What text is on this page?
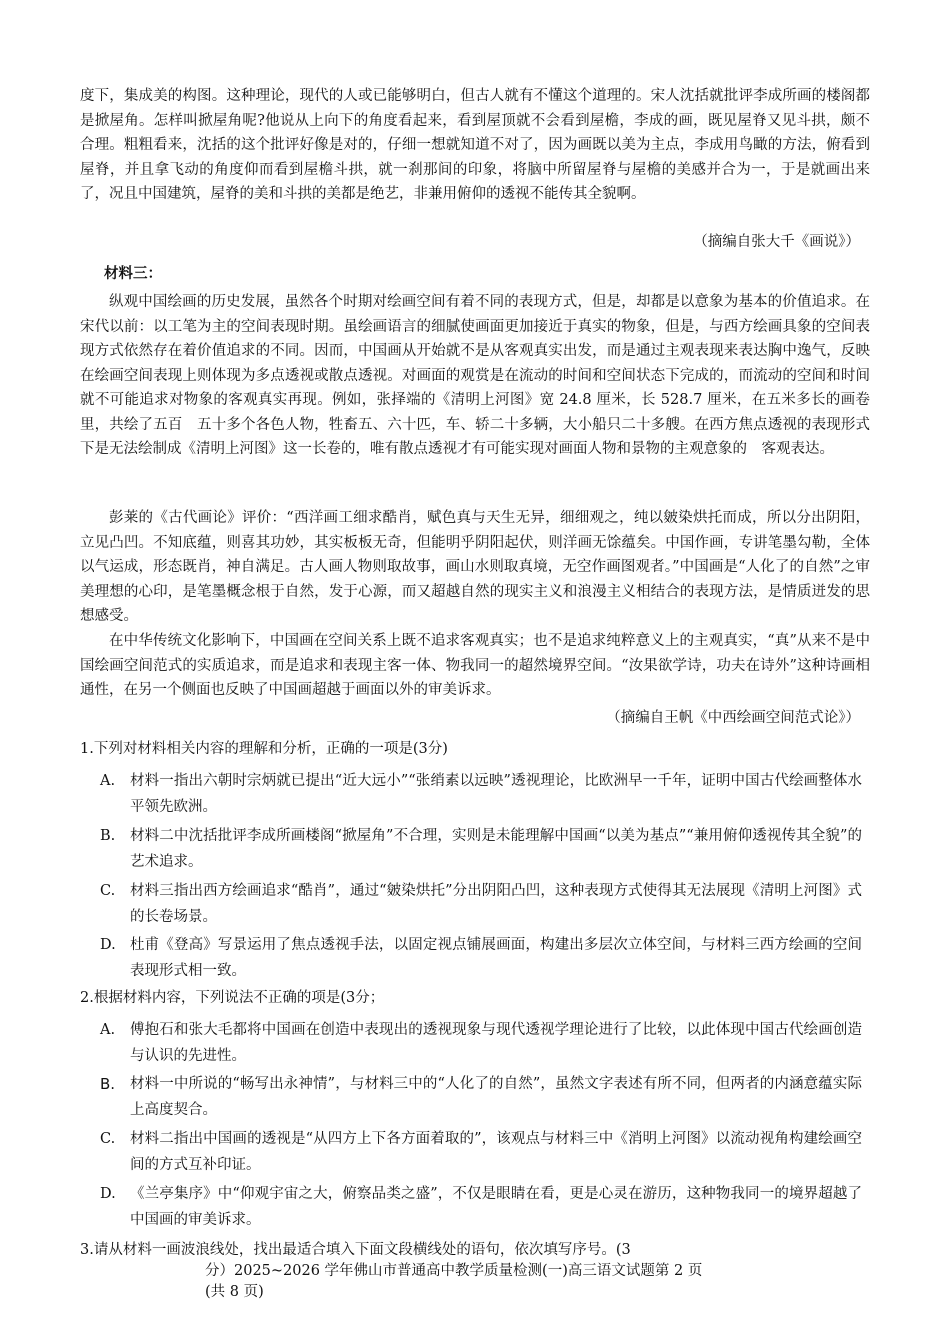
度下，集成美的构图。这种理论，现代的人或已能够明白，但古人就有不懂这个道理的。宋人沈括就批评李成所画的楼阁都是掀屋角。怎样叫掀屋角呢?他说从上向下的角度看起来，看到屋顶就不会看到屋檐，李成的画，既见屋脊又见斗拱，颇不合理。粗粗看来，沈括的这个批评好像是对的，仔细一想就知道不对了，因为画既以美为主点，李成用鸟瞰的方法，俯看到屋脊，并且拿飞动的角度仰而看到屋檐斗拱，就一刹那间的印象，将脑中所留屋脊与屋檐的美感并合为一，于是就画出来了，况且中国建筑，屋脊的美和斗拱的美都是绝艺，非兼用俯仰的透视不能传其全貌啊。

（摘编自张大千《画说》）

材料三：

纵观中国绘画的历史发展，虽然各个时期对绘画空间有着不同的表现方式，但是，却都是以意象为基本的价值追求。在宋代以前：以工笔为主的空间表现时期。虽绘画语言的细腻使画面更加接近于真实的物象，但是，与西方绘画具象的空间表现方式依然存在着价值追求的不同。因而，中国画从开始就不是从客观真实出发，而是通过主观表现来表达胸中逸气，反映在绘画空间表现上则体现为多点透视或散点透视。对画面的观赏是在流动的时间和空间状态下完成的，而流动的空间和时间就不可能追求对物象的客观真实再现。例如，张择端的《清明上河图》宽 24.8 厘米，长 528.7 厘米，在五米多长的画卷里，共绘了五百　五十多个各色人物，牲畜五、六十匹，车、轿二十多辆，大小船只二十多艘。在西方焦点透视的表现形式　下是无法绘制成《清明上河图》这一长卷的，唯有散点透视才有可能实现对画面人物和景物的主观意象的　客观表达。

彭莱的《古代画论》评价：“西洋画工细求酷肖，赋色真与天生无异，细细观之，纯以皴染烘托而成，所以分出阴阳，立见凸凹。不知底蕴，则喜其功妙，其实板板无奇，但能明乎阴阳起伏，则洋画无馀蕴矣。中国作画，专讲笔墨勾勒，全体以气运成，形态既肖，神自满足。古人画人物则取故事，画山水则取真境，无空作画图观者。”中国画是“人化了的自然”之审美理想的心印，是笔墨概念根于自然，发于心源，而又超越自然的现实主义和浪漫主义相结合的表现方法，是情质迸发的思想感受。

在中华传统文化影响下，中国画在空间关系上既不追求客观真实；也不是追求纯粹意义上的主观真实，“真”从来不是中国绘画空间范式的实质追求，而是追求和表现主客一体、物我同一的超然境界空间。“汝果欲学诗，功夫在诗外”这种诗画相通性，在另一个侧面也反映了中国画超越于画面以外的审美诉求。

（摘编自王帆《中西绘画空间范式论》）

1.下列对材料相关内容的理解和分析，正确的一项是(3分)

A.	材料一指出六朝时宗炳就已提出“近大远小”“张绡素以远映”透视理论，比欧洲早一千年，证明中国古代绘画整体水平领先欧洲。
B.	材料二中沈括批评李成所画楼阁“掀屋角”不合理，实则是未能理解中国画“以美为基点”“兼用俯仰透视传其全貌”的艺术追求。
C.	材料三指出西方绘画追求“酷肖”，通过“皴染烘托”分出阴阳凸凹，这种表现方式使得其无法展现《清明上河图》式的长卷场景。
D. 杜甫《登高》写景运用了焦点透视手法，以固定视点铺展画面，构建出多层次立体空间，与材料三西方绘画的空间表现形式相一致。

2.根据材料内容，下列说法不正确的项是(3分；

A.	傅抱石和张大毛都将中国画在创造中表现出的透视现象与现代透视学理论进行了比较，以此体现中国古代绘画创造与认识的先进性。
B.	材料一中所说的“畅写出永神情”，与材料三中的“人化了的自然”，虽然文字表述有所不同，但两者的内涵意蕴实际上高度契合。
C.	材料二指出中国画的透视是“从四方上下各方面着取的”，该观点与材料三中《消明上河图》以流动视角构建绘画空间的方式互补印证。
D. 《兰亭集序》中“仰观宇宙之大，俯察品类之盛”，不仅是眼睛在看，更是心灵在游历，这种物我同一的境界超越了中国画的审美诉求。

3.请从材料一画波浪线处，找出最适合填入下面文段横线处的语句，依次填写序号。(3

分）2025~2026 学年佛山市普通高中教学质量检测(一)高三语文试题第 2 页

(共 8 页)
